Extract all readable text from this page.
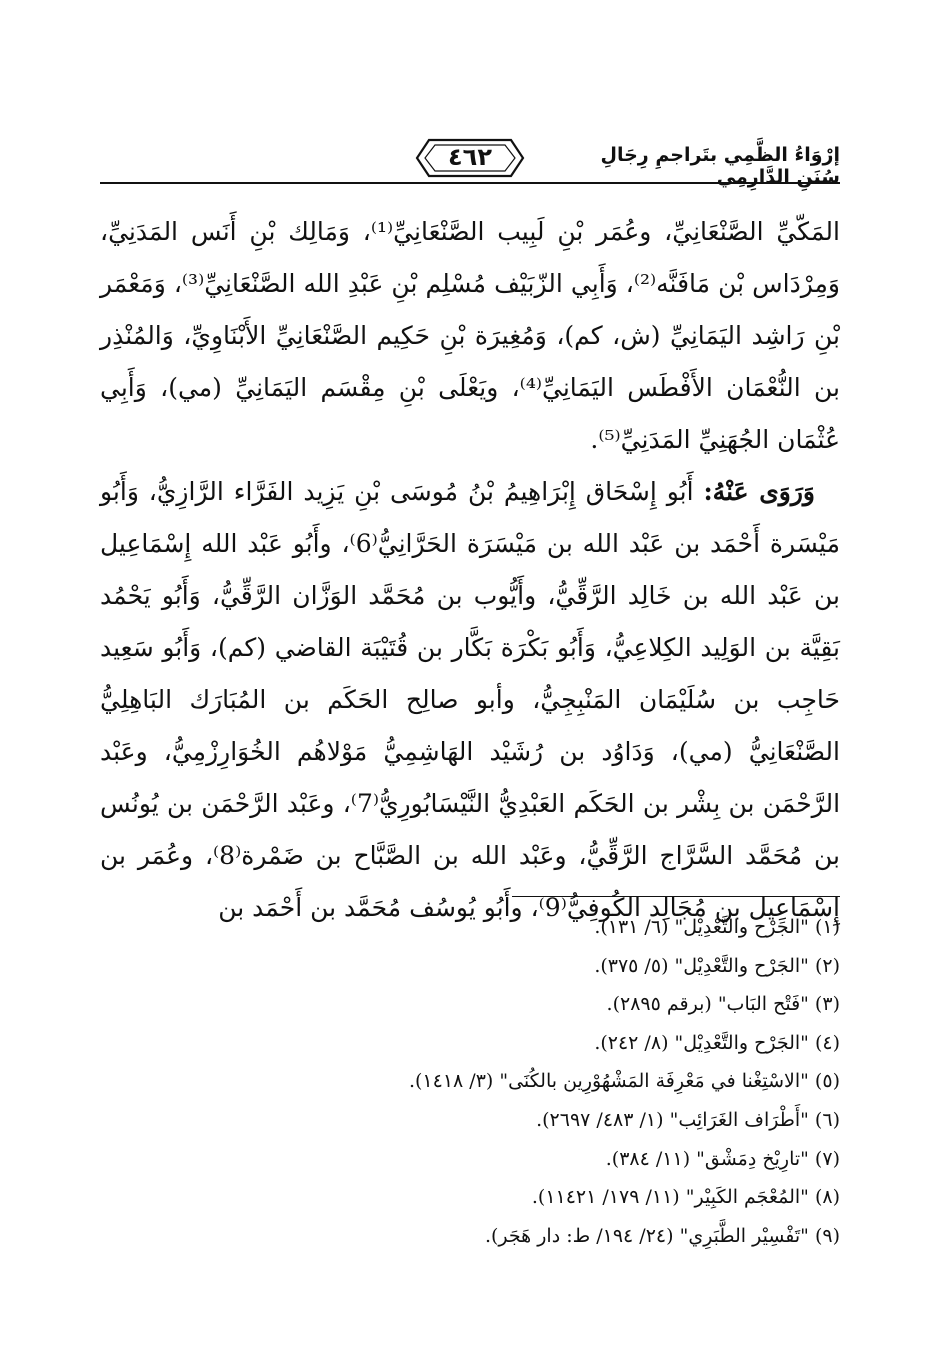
إرْوَاءُ الظَّمِي بتَراجمِ رِجَالِ سُنَنِ الدَّارِمِي
٤٦٢

المَكّيِّ الصَّنْعَانِيِّ، وعُمَر بْنِ لَبِيب الصَّنْعَانِيِّ⁽¹⁾، وَمَالِك بْنِ أَنَس المَدَنِيِّ، وَمِرْدَاس بْن مَافَنَّه⁽²⁾، وَأَبِي الزّبَيْف مُسْلِم بْنِ عَبْدِ الله الصَّنْعَانِيِّ⁽³⁾، وَمَعْمَر بْنِ رَاشِد اليَمَانِيِّ (ش، كم)، وَمُغِيرَة بْنِ حَكِيم الصَّنْعَانِيِّ الأَبْنَاوِيِّ، وَالمُنْذِر بن النُّعْمَان الأَفْطَس اليَمَانِيِّ⁽⁴⁾، ويَعْلَى بْنِ مِقْسَم اليَمَانِيِّ (مي)، وَأَبِي عُثْمَان الجُهَنِيِّ المَدَنِيِّ⁽⁵⁾.

 وَرَوَى عَنْهُ: أَبُو إِسْحَاق إِبْرَاهِيمُ بْنُ مُوسَى بْنِ يَزِيد الفَرَّاء الرَّازِيُّ، وَأَبُو مَيْسَرة أَحْمَد بن عَبْد الله بن مَيْسَرَة الحَرَّانِيُّ⁽6⁾، وأَبُو عَبْد الله إِسْمَاعِيل بن عَبْد الله بن خَالِد الرَّقِّيُّ، وأَيُّوب بن مُحَمَّد الوَزَّان الرَّقِّيُّ، وَأَبُو يَحْمُد بَقِيَّة بن الوَلِيد الكِلاعِيُّ، وَأَبُو بَكْرَة بَكَّار بن قُتَيْبَة القاضي (كم)، وَأَبُو سَعِيد حَاجِب بن سُلَيْمَان المَنْبِجِيُّ، وأبو صالِح الحَكَم بن المُبَارَك البَاهِلِيُّ الصَّنْعَانِيُّ (مي)، وَدَاوُد بن رُشَيْد الهَاشِمِيُّ مَوْلاهُم الخُوَارِزْمِيُّ، وعَبْد الرَّحْمَن بن بِشْر بن الحَكَم العَبْدِيُّ النَّيْسَابُورِيُّ⁽7⁾، وعَبْد الرَّحْمَن بن يُونُس بن مُحَمَّد السَّرَّاج الرَّقِّيُّ، وعَبْد الله بن الصَّبَّاح بن ضَمْرة⁽8⁾، وعُمَر بن إِسْمَاعِيل بن مُجَالِد الكُوفِيُّ⁽9⁾، وأَبُو يُوسُف مُحَمَّد بن أَحْمَد بن

(١) "الجَرْح والتَّعْدِيْل" (٦/ ١٣١).
(٢) "الجَرْح والتَّعْدِيْل" (٥/ ٣٧٥).
(٣) "فَتْح البَاب" (برقم ٢٨٩٥).
(٤) "الجَرْح والتَّعْدِيْل" (٨/ ٢٤٢).
(٥) "الاسْتِغْنا في مَعْرِفَة المَشْهُوْرِين بالكُنَى" (٣/ ١٤١٨).
(٦) "أَطْرَاف الغَرَائِب" (١/ ٤٨٣/ ٢٦٩٧).
(٧) "تارِيْخ دِمَشْق" (١١/ ٣٨٤).
(٨) "المُعْجَم الكَبِيْر" (١١/ ١٧٩/ ١١٤٢١).
(٩) "تَفْسِيْر الطَّبَرِي" (٢٤/ ١٩٤/ ط: دار هَجَر).
